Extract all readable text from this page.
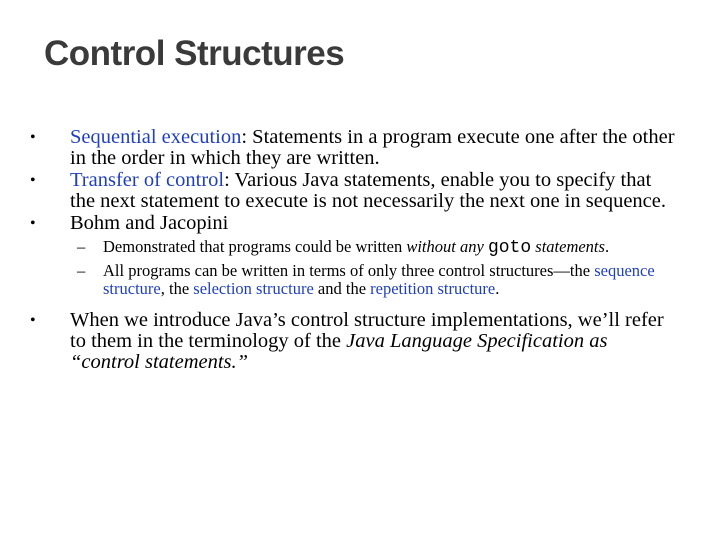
Control Structures
• Sequential execution: Statements in a program execute one after the other in the order in which they are written.
• Transfer of control: Various Java statements, enable you to specify that the next statement to execute is not necessarily the next one in sequence.
• Bohm and Jacopini
– Demonstrated that programs could be written without any goto statements.
– All programs can be written in terms of only three control structures—the sequence structure, the selection structure and the repetition structure.
• When we introduce Java’s control structure implementations, we’ll refer to them in the terminology of the Java Language Specification as “control statements.”
